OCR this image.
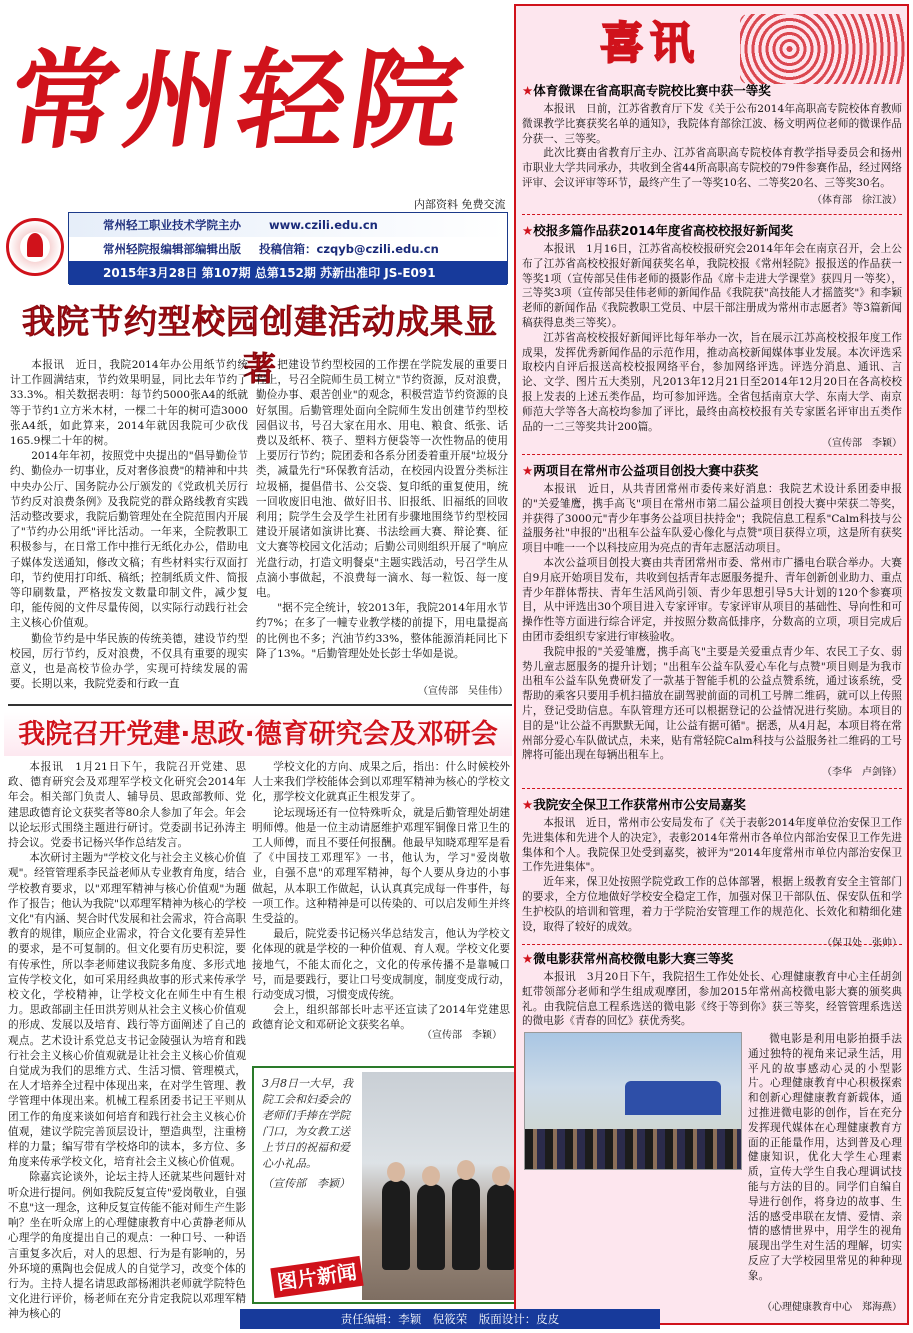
常州轻院
内部资料 免费交流
常州轻工职业技术学院主办 www.czili.edu.cn
常州轻院报编辑部编辑出版 投稿信箱：czqyb@czili.edu.cn
2015年3月28日 第107期 总第152期 苏新出准印 JS-E091
我院节约型校园创建活动成果显著

本报讯　近日，我院2014年办公用纸节约统计工作圆满结束，节约效果明显，同比去年节约了33.3%。相关数据表明：每节约5000张A4的纸就等于节约1立方米木材，一棵二十年的树可造3000张A4纸，如此算来，2014年就因我院可少砍伐165.9棵二十年的树。

2014年年初，按照党中央提出的"倡导勤俭节约、勤俭办一切事业，反对奢侈浪费"的精神和中共中央办公厅、国务院办公厅颁发的《党政机关厉行节约反对浪费条例》及我院党的群众路线教育实践活动整改要求，我院后勤管理处在全院范围内开展了"节约办公用纸"评比活动。一年来，全院教职工积极参与，在日常工作中推行无纸化办公，借助电子媒体发送通知，修改文稿；有些材料实行双面打印，节约使用打印纸、稿纸；控制纸质文件、简报等印刷数量，严格按发文数量印制文件，减少复印，能传阅的文件尽量传阅，以实际行动践行社会主义核心价值观。

勤俭节约是中华民族的传统美德，建设节约型校园，厉行节约，反对浪费，不仅具有重要的现实意义，也是高校节俭办学，实现可持续发展的需要。长期以来，我院党委和行政一直

把建设节约型校园的工作摆在学院发展的重要日程上，号召全院师生员工树立"节约资源，反对浪费，勤俭办事、艰苦创业"的观念，积极营造节约资源的良好氛围。后勤管理处面向全院师生发出创建节约型校园倡议书，号召大家在用水、用电、粮食、纸张、话费以及纸杯、筷子、塑料方便袋等一次性物品的使用上要厉行节约；院团委和各系分团委着重开展"垃圾分类，减量先行"环保教育活动，在校园内设置分类标注垃圾桶，提倡借书、公交袋、复印纸的重复使用，统一回收废旧电池、做好旧书、旧报纸、旧福纸的回收利用；院学生会及学生社团有步骤地围绕节约型校园建设开展诸如演讲比赛、书法绘画大赛、辩论赛、征文大赛等校园文化活动；后勤公司则组织开展了"响应光盘行动，打造文明餐桌"主题实践活动，号召学生从点滴小事做起，不浪费每一滴水、每一粒饭、每一度电。

"据不完全统计，较2013年，我院2014年用水节约7%；在多了一幢专业教学楼的前提下，用电量提高的比例也不多；汽油节约33%，整体能源消耗同比下降了13%。"后勤管理处处长彭士华如是说。

（宣传部　吴佳伟）
我院召开党建·思政·德育研究会及邓研会

本报讯　1月21日下午，我院召开党建、思政、德育研究会及邓理军学校文化研究会2014年年会。相关部门负责人、辅导员、思政部教师、党建思政德育论文获奖者等80余人参加了年会。年会以论坛形式围绕主题进行研讨。党委副书记孙涛主持会议。党委书记杨兴华作总结发言。

本次研讨主题为"学校文化与社会主义核心价值观"。经管管理系李民益老师从专业教育角度，结合学校教育要求，以"邓理军精神与核心价值观"为题作了报告；他认为我院"以邓理军精神为核心的学校文化"有内涵、契合时代发展和社会需求，符合高职教育的规律，顺应企业需求，符合文化要有差异性的要求，是不可复制的。但文化要有历史积淀，要有传承性，所以李老师建议我院多角度、多形式地宣传学校文化，如可采用经典故事的形式来传承学校文化，学校精神，让学校文化在师生中有生根力。思政部副主任田洪芳则从社会主义核心价值观的形成、发展以及培育、践行等方面阐述了自己的观点。艺术设计系党总支书记金陵强认为培育和践行社会主义核心价值观就是让社会主义核心价值观自觉成为我们的思维方式、生活习惯、管理模式，在人才培养全过程中体现出来，在对学生管理、教学管理中体现出来。机械工程系团委书记王平则从团工作的角度来谈如何培育和践行社会主义核心价值观，建议学院完善顶层设计，塑造典型，注重榜样的力量；编写带有学校烙印的读本，多方位、多角度来传承学校文化，培育社会主义核心价值观。

除嘉宾论谈外，论坛主持人还就某些问题针对听众进行提问。例如我院反复宣传"爱岗敬业，自强不息"这一理念，这种反复宣传能不能对师生产生影响？坐在听众席上的心理健康教育中心黄静老师从心理学的角度提出自己的观点：一种口号、一种语言重复多次后，对人的思想、行为是有影响的，另外环境的熏陶也会促成人的自觉学习，改变个体的行为。主持人提名请思政部杨湘洪老师就学院特色文化进行评价，杨老师在充分肯定我院以邓理军精神为核心的

学校文化的方向、成果之后，指出：什么时候校外人士来我们学校能体会到以邓理军精神为核心的学校文化，那学校文化就真正生根发芽了。

论坛现场还有一位特殊听众，就是后勤管理处胡建明师傅。他是一位主动请愿维护邓理军铜像日常卫生的工人师傅，而且不要任何报酬。他最早知晓邓理军是看了《中国技工邓理军》一书，他认为，学习"爱岗敬业，自强不息"的邓理军精神，每个人要从身边的小事做起，从本职工作做起，认认真真完成每一件事件，每一项工作。这种精神是可以传染的、可以启发师生并终生受益的。

最后，院党委书记杨兴华总结发言，他认为学校文化体现的就是学校的一种价值观、育人观。学校文化要接地气，不能太而化之，文化的传承传播不是靠喊口号，而是要践行，要让口号变成制度，制度变成行动，行动变成习惯，习惯变成传统。

会上，组织部部长叶志平还宣读了2014年党建思政德育论文和邓研论文获奖名单。

（宣传部　李颖）
3月8日一大早，我院工会和妇委会的老师们手捧在学院门口，为女教工送上节日的祝福和爱心小礼品。
（宣传部　李颖）
图片新闻
喜讯
★体育微课在省高职高专院校比赛中获一等奖

本报讯　日前，江苏省教育厅下发《关于公布2014年高职高专院校体育教师微课教学比赛获奖名单的通知》，我院体育部徐江波、杨文明两位老师的微课作品分获一、三等奖。

此次比赛由省教育厅主办、江苏省高职高专院校体育教学指导委员会和扬州市职业大学共同承办，共收到全省44所高职高专院校的79件参赛作品，经过网络评审、会议评审等环节，最终产生了一等奖10名、二等奖20名、三等奖30名。

（体育部　徐江波）
★校报多篇作品获2014年度省高校校报好新闻奖

本报讯　1月16日，江苏省高校校报研究会2014年年会在南京召开，会上公布了江苏省高校校报好新闻获奖名单，我院校报《常州轻院》报报送的作品获一等奖1项（宣传部吴佳伟老师的摄影作品《席卡走进大学课堂》获四月一等奖），三等奖3项（宣传部吴佳伟老师的新闻作品《我院获"高技能人才摇篮奖"》和李颖老师的新闻作品《我院教职工党员、中层干部注册成为常州市志愿者》等3篇新闻稿获得息类三等奖）。

江苏省高校校报好新闻评比每年举办一次，旨在展示江苏高校校报年度工作成果，发挥优秀新闻作品的示范作用，推动高校新闻媒体事业发展。本次评选采取校内自评后报送高校校报网络平台，参加网络评选。评选分消息、通讯、言论、文学、图片五大类别，凡2013年12月21日至2014年12月20日在各高校校报上发表的上述五类作品，均可参加评选。全省包括南京大学、东南大学、南京师范大学等各大高校均参加了评比，最终由高校校报有关专家匿名评审出五类作品的一二三等奖共计200篇。

（宣传部　李颖）
★两项目在常州市公益项目创投大赛中获奖

本报讯　近日，从共青团常州市委传来好消息：我院艺术设计系团委申报的"关爱雏鹰，携手高飞"项目在常州市第二届公益项目创投大赛中荣获二等奖，并获得了3000元"青少年事务公益项目扶持金"；我院信息工程系"Calm科技与公益服务社"申报的"出租车公益车队爱心像化与点赞"项目获得立项，这是所有获奖项目中唯一一个以科技应用为亮点的青年志愿活动项目。

本次公益项目创投大赛由共青团常州市委、常州市广播电台联合举办。大赛自9月底开始项目发布，共收到包括青年志愿服务提升、青年创新创业助力、重点青少年群体帮扶、青年生活风尚引领、青少年思想引导5大计划的120个参赛项目，从中评选出30个项目进入专家评审。专家评审从项目的基础性、导向性和可操作性等方面进行综合评定，并按照分数高低排序，分数高的立项，项目完成后由团市委组织专家进行审核验收。

我院申报的"关爱雏鹰，携手高飞"主要是关爱重点青少年、农民工子女、弱势儿童志愿服务的提升计划；"出租车公益车队爱心车化与点赞"项目则是为我市出租车公益车队免费研发了一款基于智能手机的公益点赞系统，通过该系统，受帮助的乘客只要用手机扫描放在副驾驶前面的司机工号牌二维码，就可以上传照片，登记受助信息。车队管理方还可以根据登记的公益情况进行奖励。本项目的目的是"让公益不再默默无闻，让公益有据可循"。据悉，从4月起，本项目将在常州部分爱心车队做试点，未来，贴有常轻院Calm科技与公益服务社二维码的工号牌将可能出现在每辆出租车上。

（李华　卢剑锋）
★我院安全保卫工作获常州市公安局嘉奖

本报讯　近日，常州市公安局发布了《关于表彰2014年度单位治安保卫工作先进集体和先进个人的决定》，表彰2014年常州市各单位内部治安保卫工作先进集体和个人。我院保卫处受到嘉奖，被评为"2014年度常州市单位内部治安保卫工作先进集体"。

近年来，保卫处按照学院党政工作的总体部署，根据上级教育安全主管部门的要求，全方位地做好学校安全稳定工作，加强对保卫干部队伍、保安队伍和学生护校队的培训和管理，着力于学院治安管理工作的规范化、长效化和精细化建设，取得了较好的成效。

（保卫处　张帅）
★微电影获常州高校微电影大赛三等奖

本报讯　3月20日下午，我院招生工作处处长、心理健康教育中心主任胡剑虹带领部分老师和学生组成观摩团，参加2015年常州高校微电影大赛的颁奖典礼。由我院信息工程系选送的微电影《终于等到你》获三等奖，经管管理系选送的微电影《青春的回忆》获优秀奖。

微电影是利用电影拍摄手法通过独特的视角来记录生活，用平凡的故事感动心灵的小型影片。心理健康教育中心积极探索和创新心理健康教育新载体，通过推进微电影的创作，旨在充分发挥现代媒体在心理健康教育方面的正能量作用，达到普及心理健康知识，优化大学生心理素质，宣传大学生自我心理调试技能与方法的目的。同学们自编自导进行创作，将身边的故事、生活的感受串联在友情、爱情、亲情的感情世界中，用学生的视角展现出学生对生活的理解，切实反应了大学校园里常见的种种现象。

（心理健康教育中心　郑海燕）
责任编辑：李颖　倪筱荣　版面设计：皮皮
